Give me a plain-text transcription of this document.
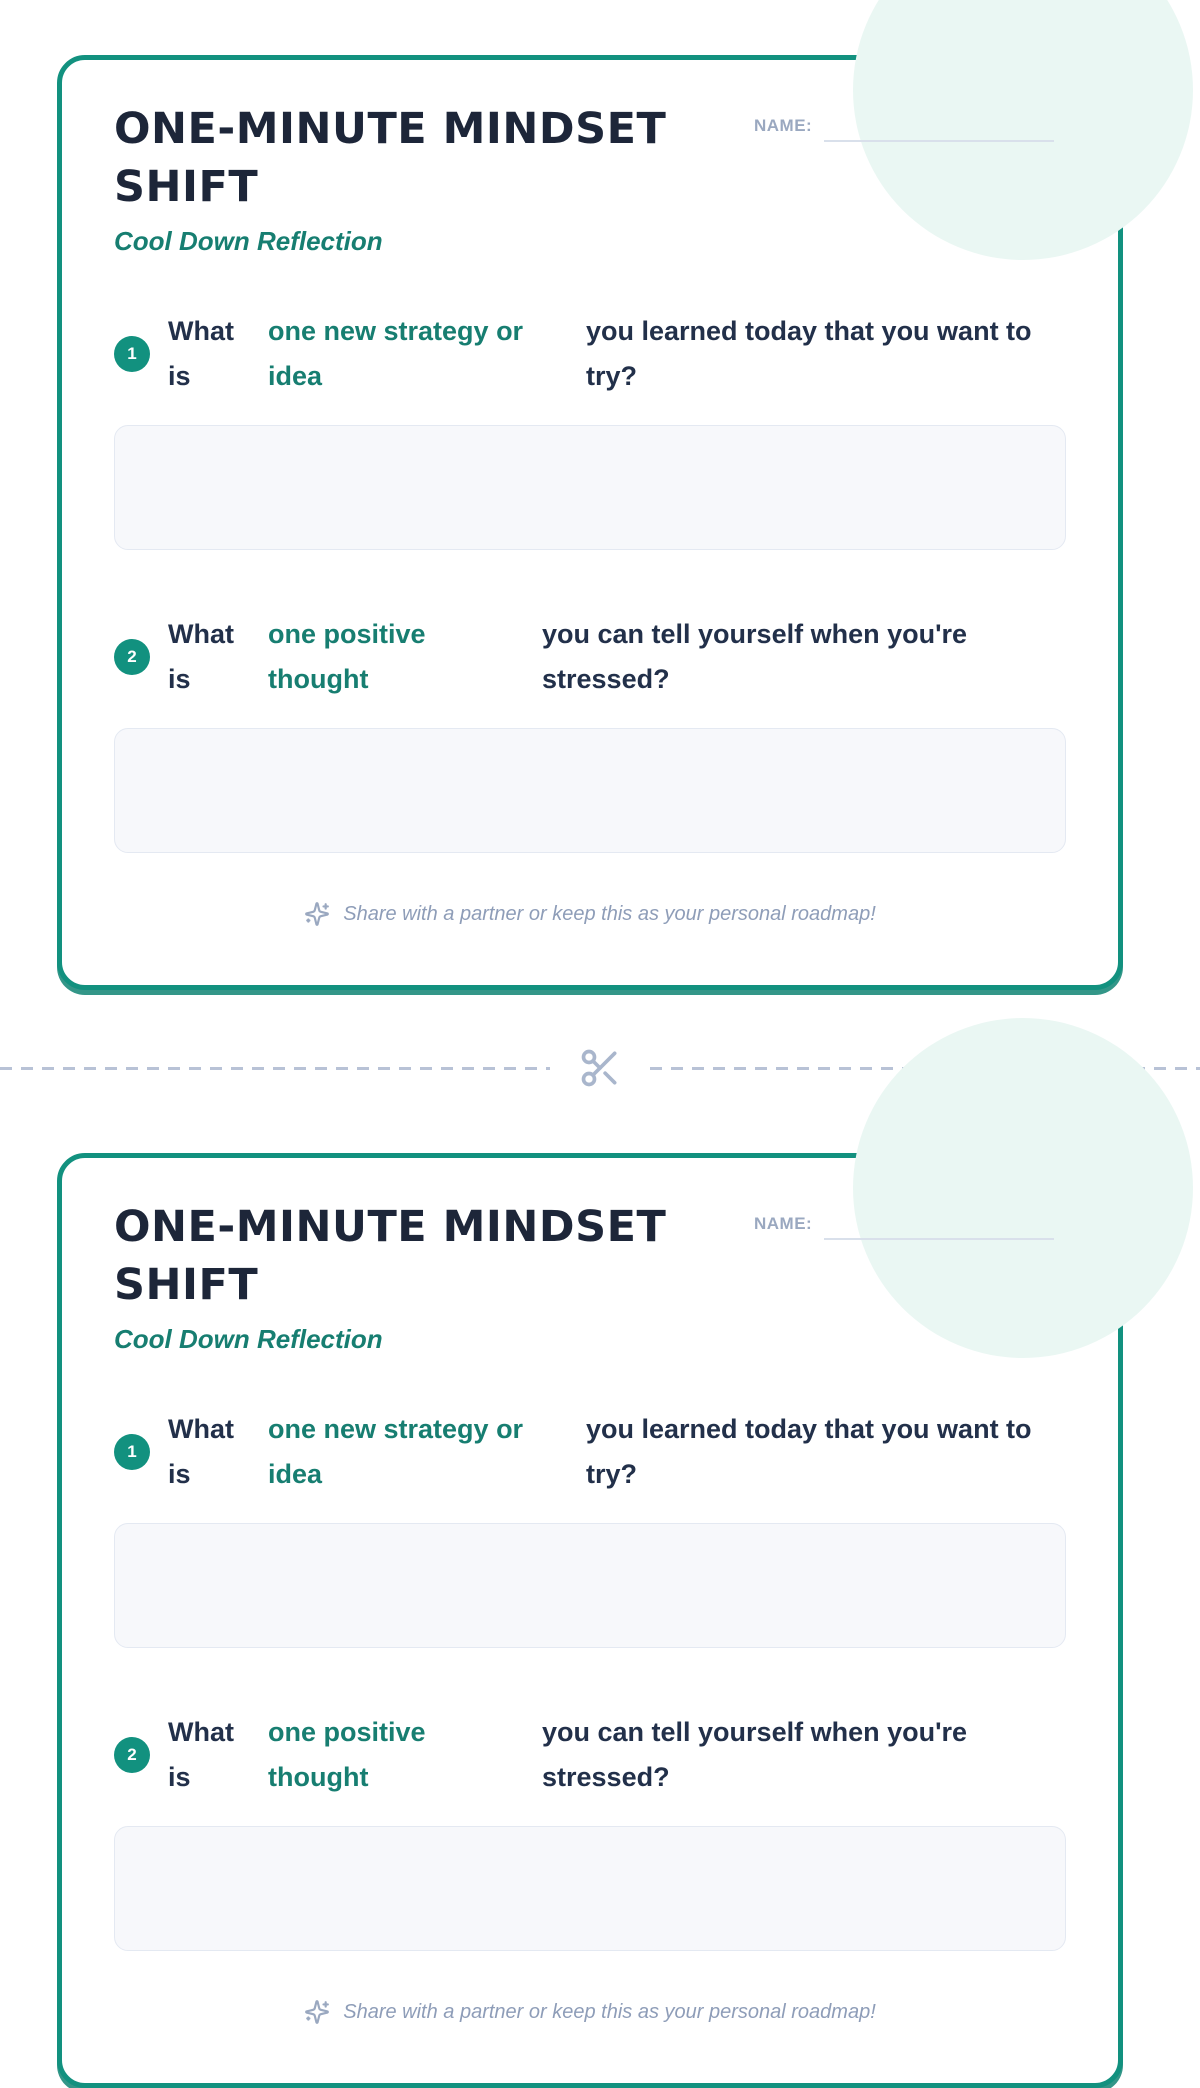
ONE-MINUTE MINDSET SHIFT
NAME:
Cool Down Reflection
1
What is
one new strategy or idea
you learned today that you want to try?
2
What is
one positive thought
you can tell yourself when you're stressed?
Share with a partner or keep this as your personal roadmap!
ONE-MINUTE MINDSET SHIFT
NAME:
Cool Down Reflection
1
What is
one new strategy or idea
you learned today that you want to try?
2
What is
one positive thought
you can tell yourself when you're stressed?
Share with a partner or keep this as your personal roadmap!
